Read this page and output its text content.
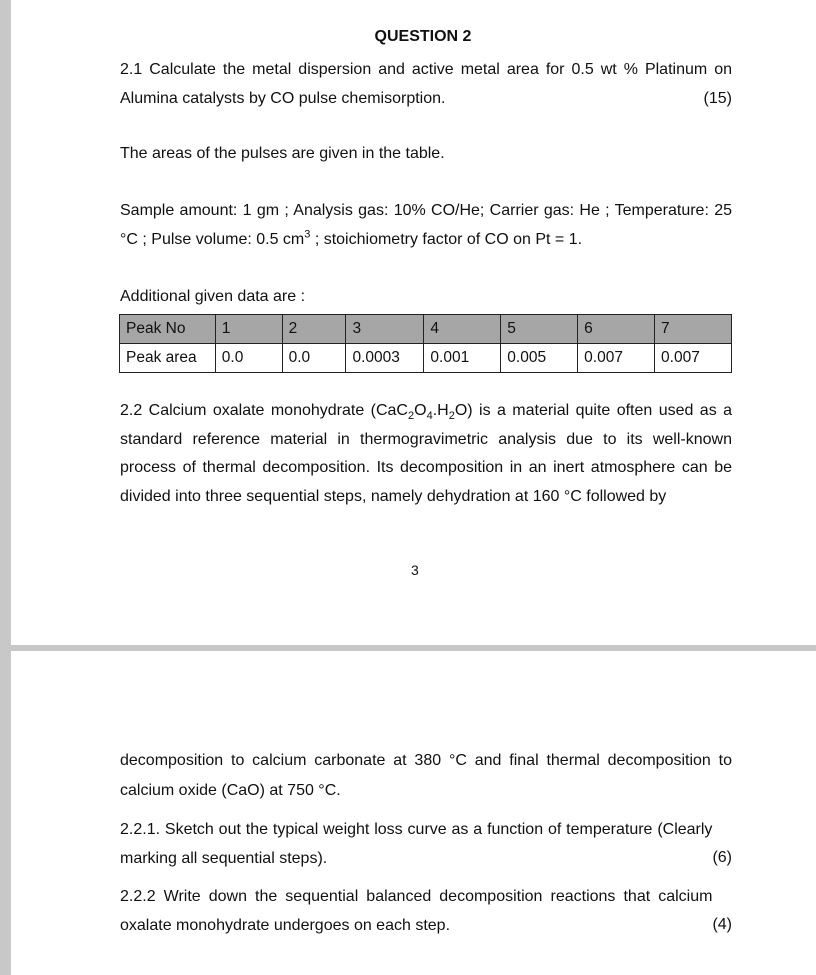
QUESTION 2
2.1 Calculate the metal dispersion and active metal area for 0.5 wt % Platinum on
Alumina catalysts by CO pulse chemisorption.	(15)

The areas of the pulses are given in the table.

Sample amount: 1 gm ; Analysis gas: 10% CO/He; Carrier gas: He ; Temperature: 25
°C ; Pulse volume: 0.5 $cm^3$ ; stoichiometry factor of CO on Pt = 1.

Additional given data are :

Peak No	1	2	3	4	5	6	7
Peak area	0.0	0.0	0.0003	0.001	0.005	0.007	0.007

2.2 Calcium oxalate monohydrate $(CaC_2O_4.H_2O)$ is a material quite often used as a standard reference material in thermogravimetric analysis due to its well-known process of thermal decomposition. Its decomposition in an inert atmosphere can be divided into three sequential steps, namely dehydration at 160 °C followed by

3

decomposition to calcium carbonate at 380 °C and final thermal decomposition to calcium oxide (CaO) at 750 °C.

(6)
2.2.1. Sketch out the typical weight loss curve as a function of temperature (Clearly marking all sequential steps).
(4)
2.2.2 Write down the sequential balanced decomposition reactions that calcium oxalate monohydrate undergoes on each step.
